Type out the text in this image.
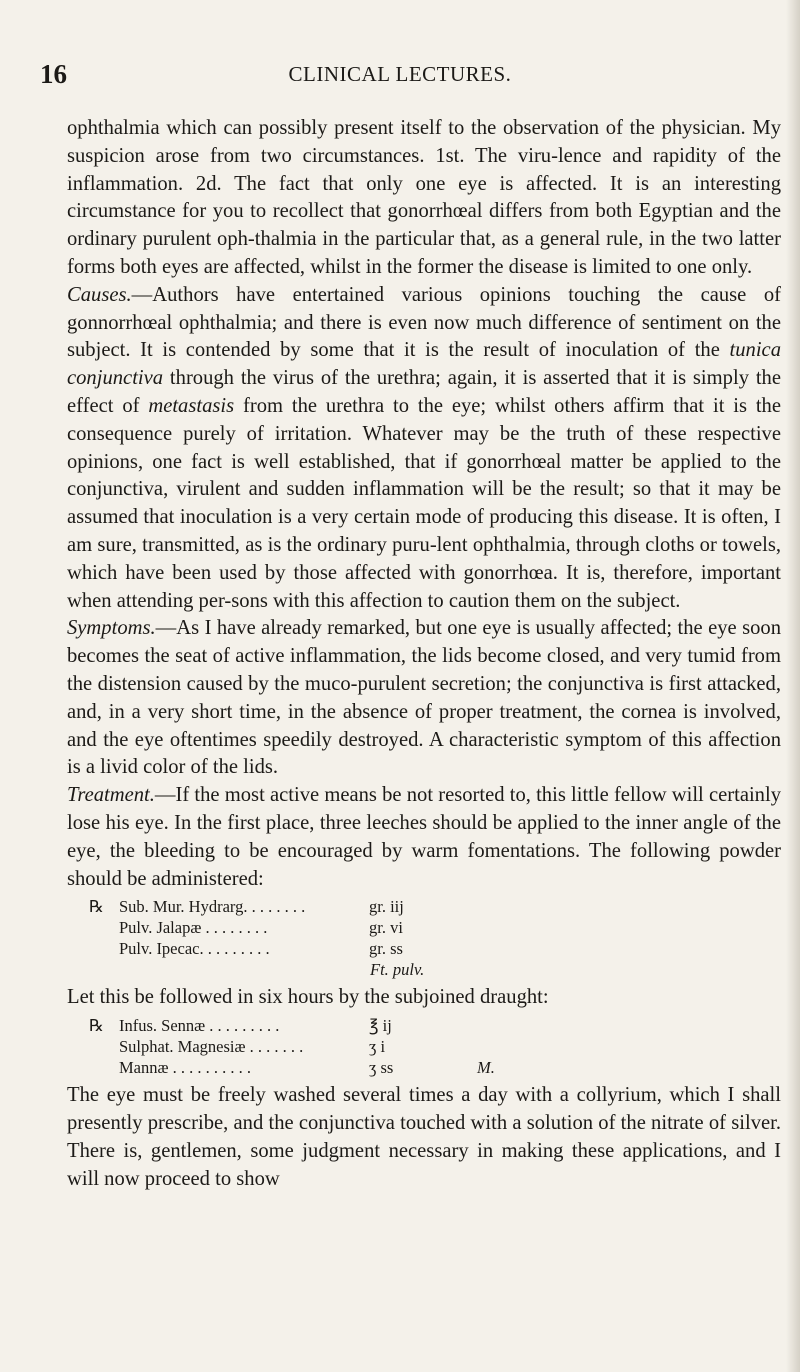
16	CLINICAL LECTURES.

ophthalmia which can possibly present itself to the observation of the physician. My suspicion arose from two circumstances. 1st. The viru-lence and rapidity of the inflammation. 2d. The fact that only one eye is affected. It is an interesting circumstance for you to recollect that gonorrhœal differs from both Egyptian and the ordinary purulent oph-thalmia in the particular that, as a general rule, in the two latter forms both eyes are affected, whilst in the former the disease is limited to one only.

Causes.—Authors have entertained various opinions touching the cause of gonnorrhœal ophthalmia; and there is even now much difference of sentiment on the subject. It is contended by some that it is the result of inoculation of the tunica conjunctiva through the virus of the urethra; again, it is asserted that it is simply the effect of metastasis from the urethra to the eye; whilst others affirm that it is the consequence purely of irritation. Whatever may be the truth of these respective opinions, one fact is well established, that if gonorrhœal matter be applied to the conjunctiva, virulent and sudden inflammation will be the result; so that it may be assumed that inoculation is a very certain mode of producing this disease. It is often, I am sure, transmitted, as is the ordinary puru-lent ophthalmia, through cloths or towels, which have been used by those affected with gonorrhœa. It is, therefore, important when attending per-sons with this affection to caution them on the subject.

Symptoms.—As I have already remarked, but one eye is usually affected; the eye soon becomes the seat of active inflammation, the lids become closed, and very tumid from the distension caused by the muco-purulent secretion; the conjunctiva is first attacked, and, in a very short time, in the absence of proper treatment, the cornea is involved, and the eye oftentimes speedily destroyed. A characteristic symptom of this affection is a livid color of the lids.

Treatment.—If the most active means be not resorted to, this little fellow will certainly lose his eye. In the first place, three leeches should be applied to the inner angle of the eye, the bleeding to be encouraged by warm fomentations. The following powder should be administered:

℞ Sub. Mur. Hydrarg. . . . . . . .	gr. iij
Pulv. Jalapæ . . . . . . . .	gr. vi
Pulv. Ipecac. . . . . . . . .	gr. ss
Ft. pulv.

Let this be followed in six hours by the subjoined draught:

℞ Infus. Sennæ . . . . . . . . .	℥ ij
Sulphat. Magnesiæ . . . . . . .	ʒ i
Mannæ . . . . . . . . . .	ʒ ss	M.

The eye must be freely washed several times a day with a collyrium, which I shall presently prescribe, and the conjunctiva touched with a solution of the nitrate of silver. There is, gentlemen, some judgment necessary in making these applications, and I will now proceed to show
